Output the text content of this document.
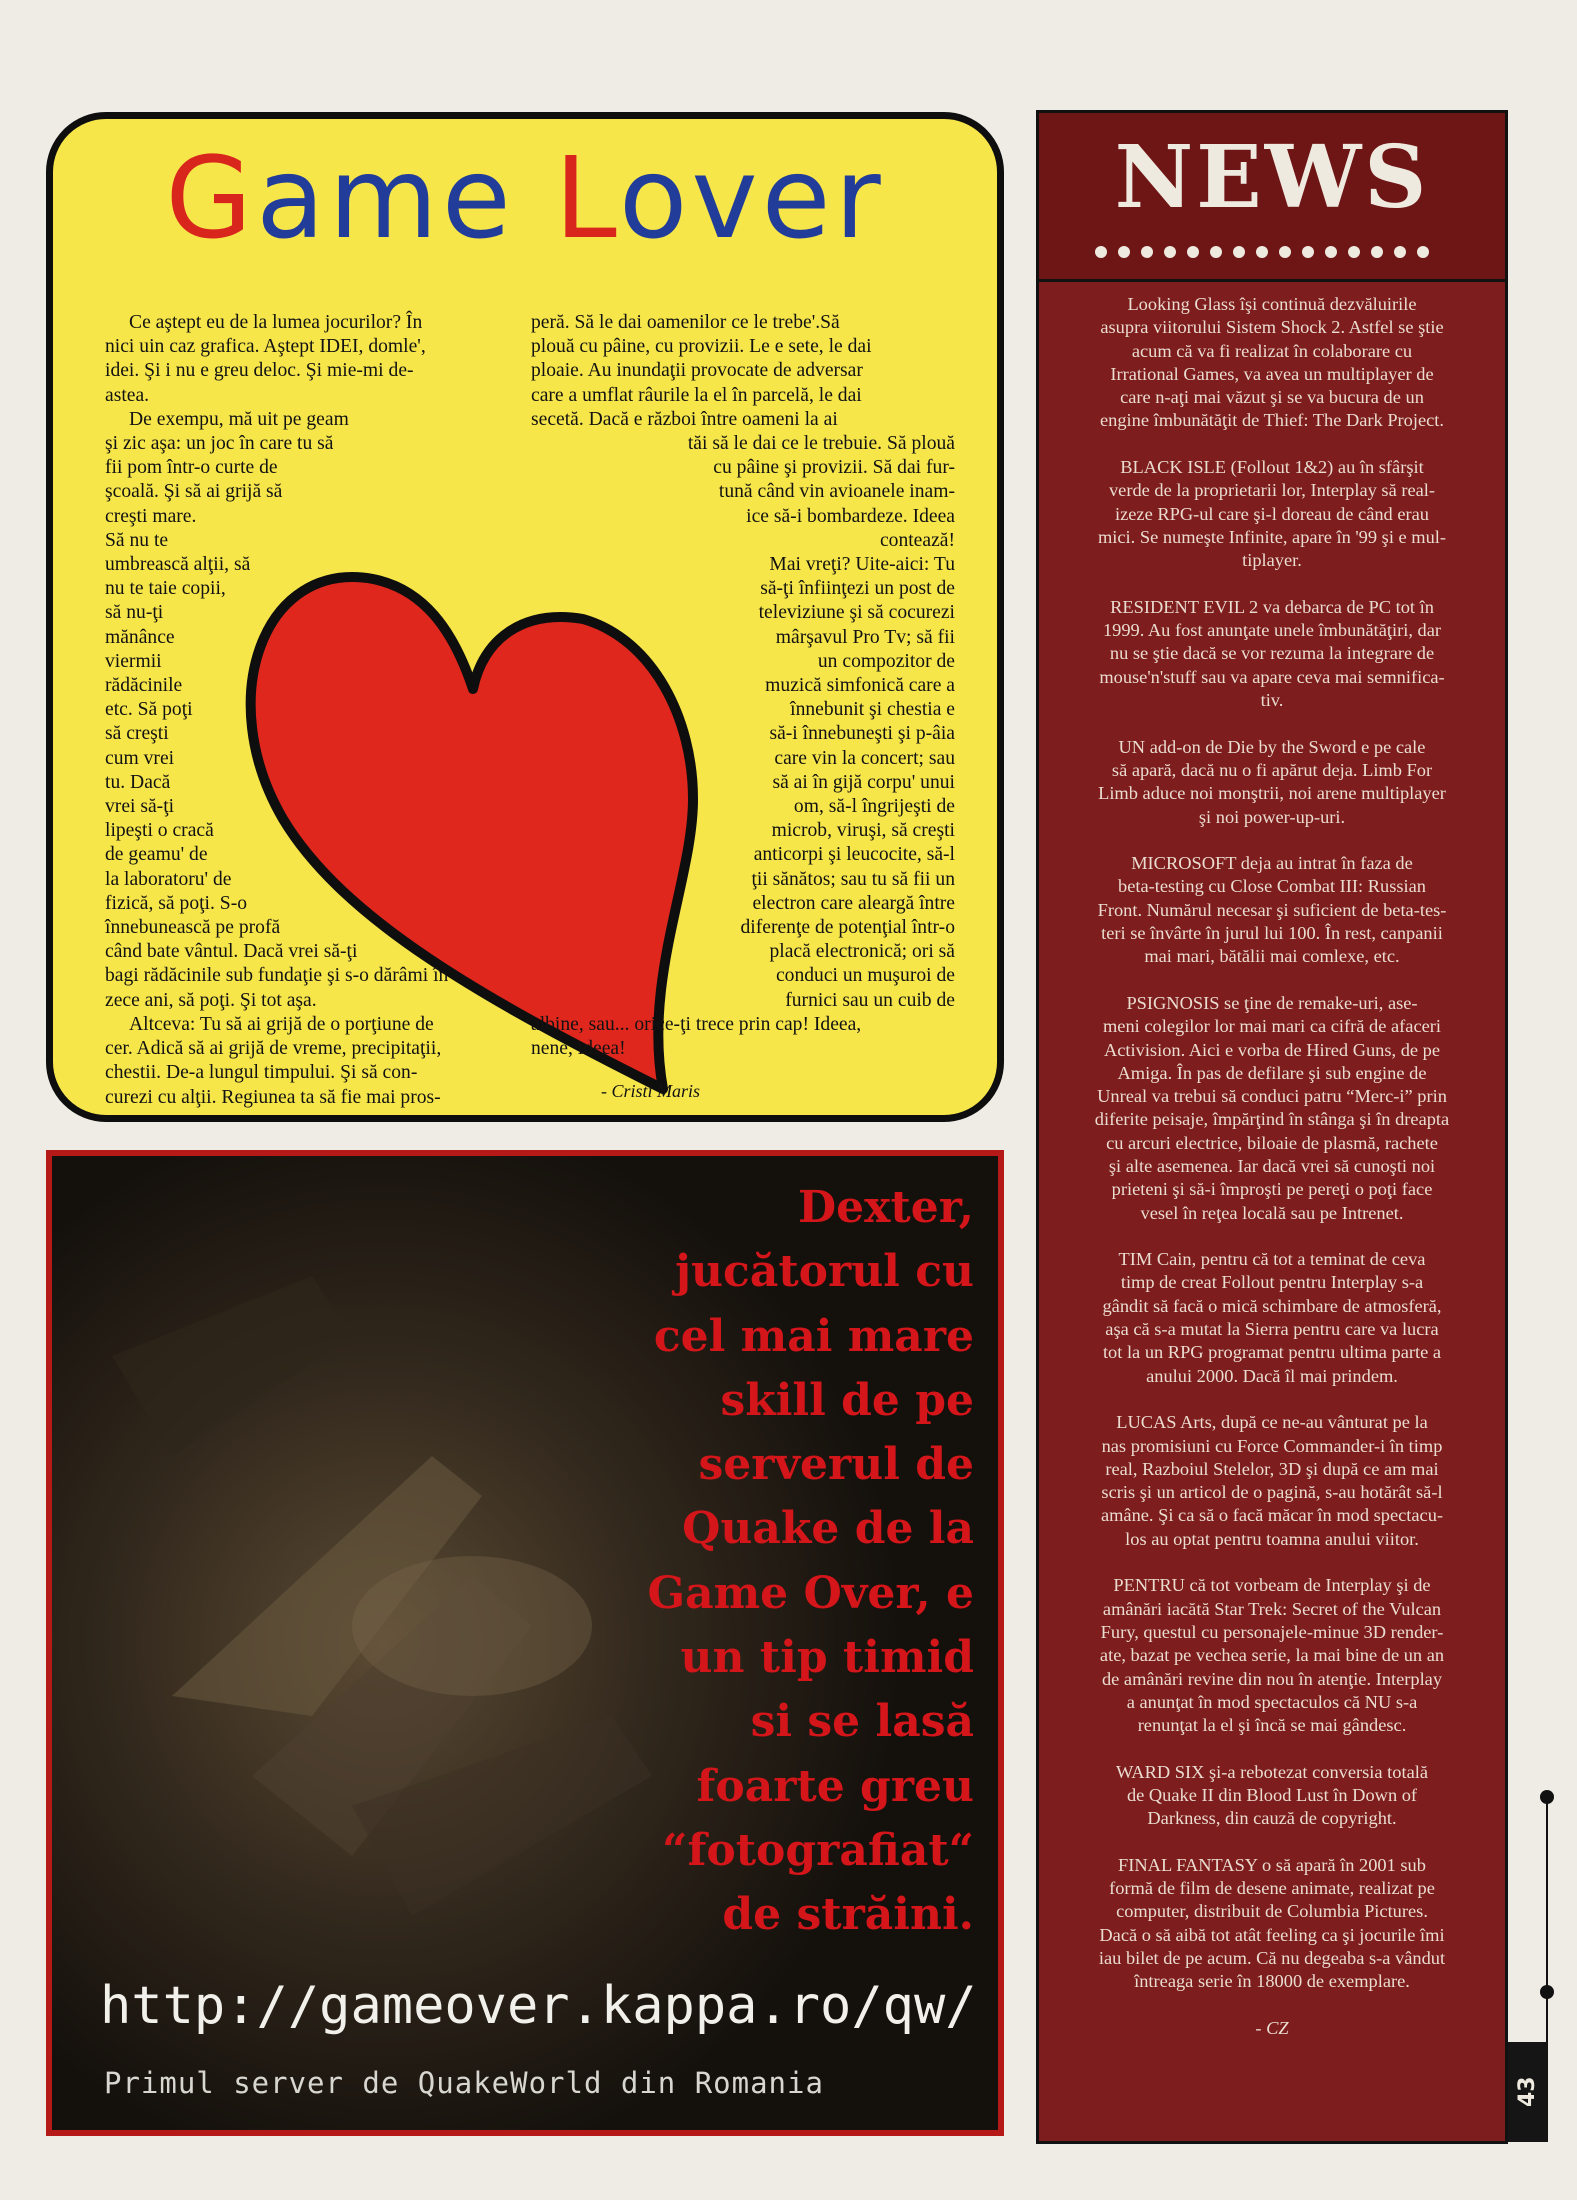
Game Lover
Ce aştept eu de la lumea jocurilor? În
nici uin caz grafica. Aştept IDEI, domle',
idei. Şi i nu e greu deloc. Şi mie-mi de-
astea.
De exempu, mă uit pe geam
şi zic aşa: un joc în care tu să
fii pom într-o curte de
şcoală. Şi să ai grijă să
creşti mare.
Să nu te
umbrească alţii, să
nu te taie copii,
să nu-ţi
mănânce
viermii
rădăcinile
etc. Să poţi
să creşti
cum vrei
tu. Dacă
vrei să-ţi
lipeşti o cracă
de geamu' de
la laboratoru' de
fizică, să poţi. S-o
înnebunească pe profă
când bate vântul. Dacă vrei să-ţi
bagi rădăcinile sub fundaţie şi s-o dărâmi în
zece ani, să poţi. Şi tot aşa.
Altceva: Tu să ai grijă de o porţiune de
cer. Adică să ai grijă de vreme, precipitaţii,
chestii. De-a lungul timpului. Şi să con-
curezi cu alţii. Regiunea ta să fie mai pros-
peră. Să le dai oamenilor ce le trebe'.Să
plouă cu pâine, cu provizii. Le e sete, le dai
ploaie. Au inundaţii provocate de adversar
care a umflat râurile la el în parcelă, le dai
secetă. Dacă e război între oameni la ai
tăi să le dai ce le trebuie. Să plouă
cu pâine şi provizii. Să dai fur-
tună când vin avioanele inam-
ice să-i bombardeze. Ideea
contează!
Mai vreţi? Uite-aici: Tu
să-ţi înfiinţezi un post de
televiziune şi să cocurezi
mârşavul Pro Tv; să fii
un compozitor de
muzică simfonică care a
înnebunit şi chestia e
să-i înnebuneşti şi p-âia
care vin la concert; sau
să ai în gijă corpu' unui
om, să-l îngrijeşti de
microb, viruşi, să creşti
anticorpi şi leucocite, să-l
ţii sănătos; sau tu să fii un
electron care aleargă între
diferenţe de potenţial într-o
placă electronică; ori să
conduci un muşuroi de
furnici sau un cuib de
albine, sau... orice-ţi trece prin cap! Ideea,
nene, ideea!
- Cristi Maris
Dexter,
jucătorul cu
cel mai mare
skill de pe
serverul de
Quake de la
Game Over, e
un tip timid
si se lasă
foarte greu
“fotografiat“
de străini.
http://gameover.kappa.ro/qw/
Primul server de QuakeWorld din Romania
NEWS
Looking Glass îşi continuă dezvăluirile
asupra viitorului Sistem Shock 2. Astfel se ştie
acum că va fi realizat în colaborare cu
Irrational Games, va avea un multiplayer de
care n-aţi mai văzut şi se va bucura de un
engine îmbunătăţit de Thief: The Dark Project.
BLACK ISLE (Follout 1&2) au în sfârşit
verde de la proprietarii lor, Interplay să real-
izeze RPG-ul care şi-l doreau de când erau
mici. Se numeşte Infinite, apare în '99 şi e mul-
tiplayer.
RESIDENT EVIL 2 va debarca de PC tot în
1999. Au fost anunţate unele îmbunătăţiri, dar
nu se ştie dacă se vor rezuma la integrare de
mouse'n'stuff sau va apare ceva mai semnifica-
tiv.
UN add-on de Die by the Sword e pe cale
să apară, dacă nu o fi apărut deja. Limb For
Limb aduce noi monştrii, noi arene multiplayer
şi noi power-up-uri.
MICROSOFT deja au intrat în faza de
beta-testing cu Close Combat III: Russian
Front. Numărul necesar şi suficient de beta-tes-
teri se învârte în jurul lui 100. În rest, canpanii
mai mari, bătălii mai comlexe, etc.
PSIGNOSIS se ţine de remake-uri, ase-
meni colegilor lor mai mari ca cifră de afaceri
Activision. Aici e vorba de Hired Guns, de pe
Amiga. În pas de defilare şi sub engine de
Unreal va trebui să conduci patru “Merc-i” prin
diferite peisaje, împărţind în stânga şi în dreapta
cu arcuri electrice, biloaie de plasmă, rachete
şi alte asemenea. Iar dacă vrei să cunoşti noi
prieteni şi să-i împroşti pe pereţi o poţi face
vesel în reţea locală sau pe Intrenet.
TIM Cain, pentru că tot a teminat de ceva
timp de creat Follout pentru Interplay s-a
gândit să facă o mică schimbare de atmosferă,
aşa că s-a mutat la Sierra pentru care va lucra
tot la un RPG programat pentru ultima parte a
anului 2000. Dacă îl mai prindem.
LUCAS Arts, după ce ne-au vânturat pe la
nas promisiuni cu Force Commander-i în timp
real, Razboiul Stelelor, 3D şi după ce am mai
scris şi un articol de o pagină, s-au hotărât să-l
amâne. Şi ca să o facă măcar în mod spectacu-
los au optat pentru toamna anului viitor.
PENTRU că tot vorbeam de Interplay şi de
amânări iacătă Star Trek: Secret of the Vulcan
Fury, questul cu personajele-minue 3D render-
ate, bazat pe vechea serie, la mai bine de un an
de amânări revine din nou în atenţie. Interplay
a anunţat în mod spectaculos că NU s-a
renunţat la el şi încă se mai gândesc.
WARD SIX şi-a rebotezat conversia totală
de Quake II din Blood Lust în Down of
Darkness, din cauză de copyright.
FINAL FANTASY o să apară în 2001 sub
formă de film de desene animate, realizat pe
computer, distribuit de Columbia Pictures.
Dacă o să aibă tot atât feeling ca şi jocurile îmi
iau bilet de pe acum. Că nu degeaba s-a vândut
întreaga serie în 18000 de exemplare.
- CZ
43
